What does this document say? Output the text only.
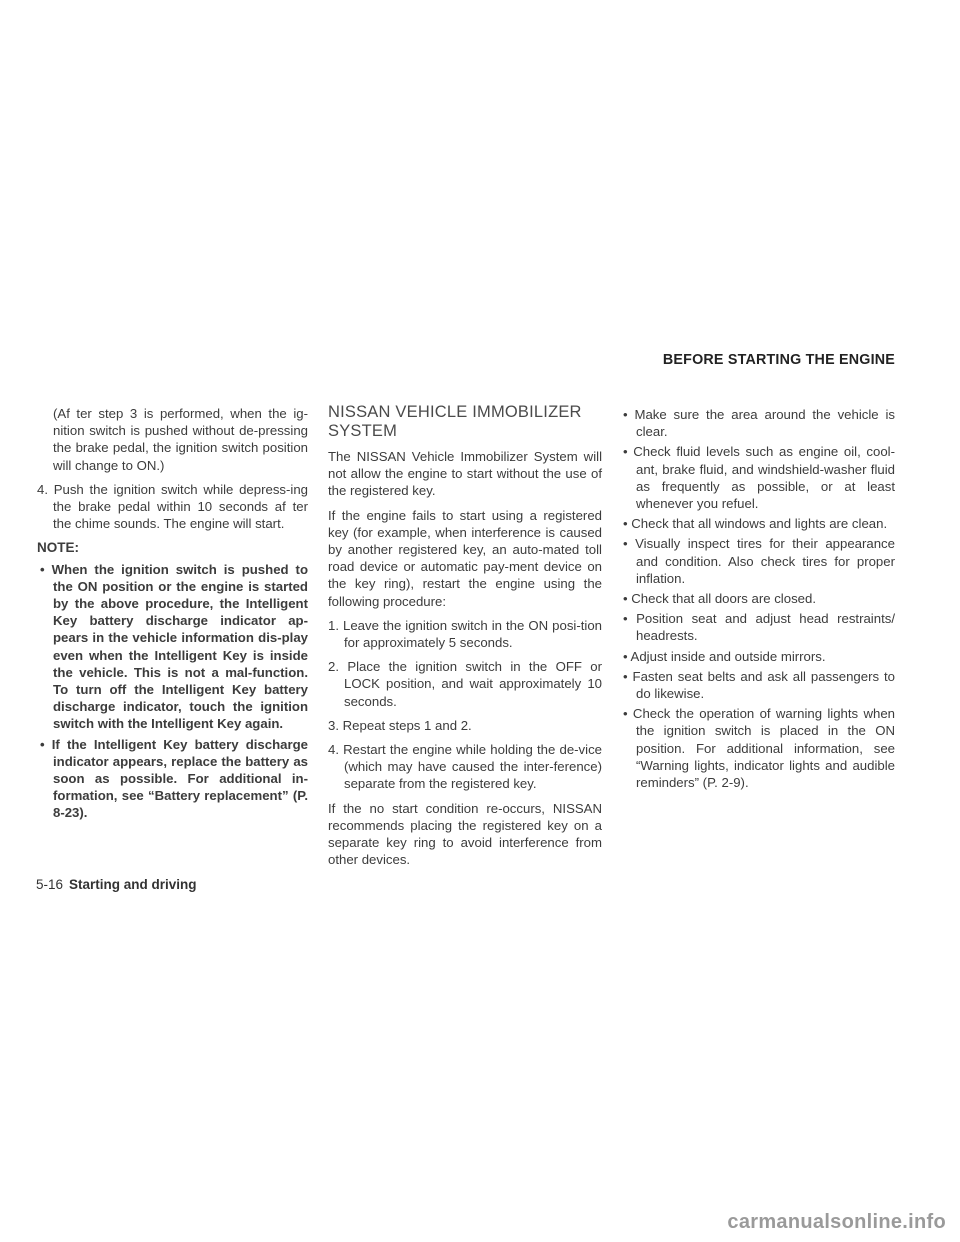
BEFORE STARTING THE ENGINE

(Af ter step 3 is performed, when the ig-nition switch is pushed without de-pressing the brake pedal, the ignition switch position will change to ON.)

4. Push the ignition switch while depress-ing the brake pedal within 10 seconds af ter the chime sounds. The engine will start.

NOTE:

• When the ignition switch is pushed to the ON position or the engine is started by the above procedure, the Intelligent Key battery discharge indicator ap-pears in the vehicle information dis-play even when the Intelligent Key is inside the vehicle. This is not a mal-function. To turn off the Intelligent Key battery discharge indicator, touch the ignition switch with the Intelligent Key again.

• If the Intelligent Key battery discharge indicator appears, replace the battery as soon as possible. For additional in-formation, see “Battery replacement” (P. 8-23).

NISSAN VEHICLE IMMOBILIZER SYSTEM

The NISSAN Vehicle Immobilizer System will not allow the engine to start without the use of the registered key.

If the engine fails to start using a registered key (for example, when interference is caused by another registered key, an auto-mated toll road device or automatic pay-ment device on the key ring), restart the engine using the following procedure:

1. Leave the ignition switch in the ON posi-tion for approximately 5 seconds.

2. Place the ignition switch in the OFF or LOCK position, and wait approximately 10 seconds.

3. Repeat steps 1 and 2.

4. Restart the engine while holding the de-vice (which may have caused the inter-ference) separate from the registered key.

If the no start condition re-occurs, NISSAN recommends placing the registered key on a separate key ring to avoid interference from other devices.

• Make sure the area around the vehicle is clear.

• Check fluid levels such as engine oil, cool-ant, brake fluid, and windshield-washer fluid as frequently as possible, or at least whenever you refuel.

• Check that all windows and lights are clean.

• Visually inspect tires for their appearance and condition. Also check tires for proper inflation.

• Check that all doors are closed.

• Position seat and adjust head restraints/ headrests.

• Adjust inside and outside mirrors.

• Fasten seat belts and ask all passengers to do likewise.

• Check the operation of warning lights when the ignition switch is placed in the ON position. For additional information, see “Warning lights, indicator lights and audible reminders” (P. 2-9).

5-16 Starting and driving
carmanualsonline.info
